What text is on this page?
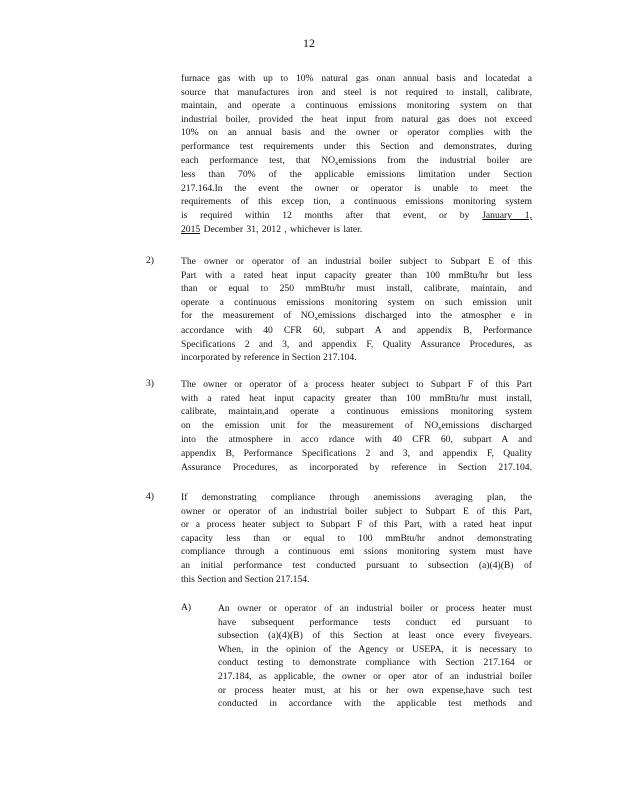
12
furnace gas with up to 10% natural gas onan annual basis and locatedat a
source that manufactures iron and steel is not required to install, calibrate,
maintain, and operate a continuous emissions monitoring system on that
industrial boiler, provided the heat input from natural gas does not exceed
10% on an annual basis and the owner or operator complies with the
performance test requirements under this Section and demonstrates, during
each performance test, that $NO_xemissions$ from the industrial boiler are
less than 70% of the applicable emissions limitation under Section
217.164.In the event the owner or operator is unable to meet the
requirements of this excep tion, a continuous emissions monitoring system
is required within 12 months after that event, or by January 1,
2015 December 31, 2012 , whichever is later.
2)	The owner or operator of an industrial boiler subject to Subpart E of this
Part with a rated heat input capacity greater than 100 mmBtu/hr but less
than or equal to 250 mmBtu/hr must install, calibrate, maintain, and
operate a continuous emissions monitoring system on such emission unit
for the measurement of $NO_xemissions$ discharged into the atmospher e in
accordance with 40 CFR 60, subpart A and appendix B, Performance
Specifications 2 and 3, and appendix F, Quality Assurance Procedures, as
incorporated by reference in Section 217.104.
3)	The owner or operator of a process heater subject to Subpart F of this Part
with a rated heat input capacity greater than 100 mmBtu/hr must install,
calibrate, maintain,and operate a continuous emissions monitoring system
on the emission unit for the measurement of $NO_xemissions$ discharged
into the atmosphere in acco rdance with 40 CFR 60, subpart A and
appendix B, Performance Specifications 2 and 3, and appendix F, Quality
Assurance Procedures, as incorporated by reference in Section 217.104.
4)	If demonstrating compliance through anemissions averaging plan, the
owner or operator of an industrial boiler subject to Subpart E of this Part,
or a process heater subject to Subpart F of this Part, with a rated heat input
capacity less than or equal to 100 mmBtu/hr andnot demonstrating
compliance through a continuous emi ssions monitoring system must have
an initial performance test conducted pursuant to subsection (a)(4)(B) of
this Section and Section 217.154.
A)	An owner or operator of an industrial boiler or process heater must
have subsequent performance tests conduct ed pursuant to
subsection (a)(4)(B) of this Section at least once every fiveyears.
When, in the opinion of the Agency or USEPA, it is necessary to
conduct testing to demonstrate compliance with Section 217.164 or
217.184, as applicable, the owner or oper ator of an industrial boiler
or process heater must, at his or her own expense,have such test
conducted in accordance with the applicable test methods and
